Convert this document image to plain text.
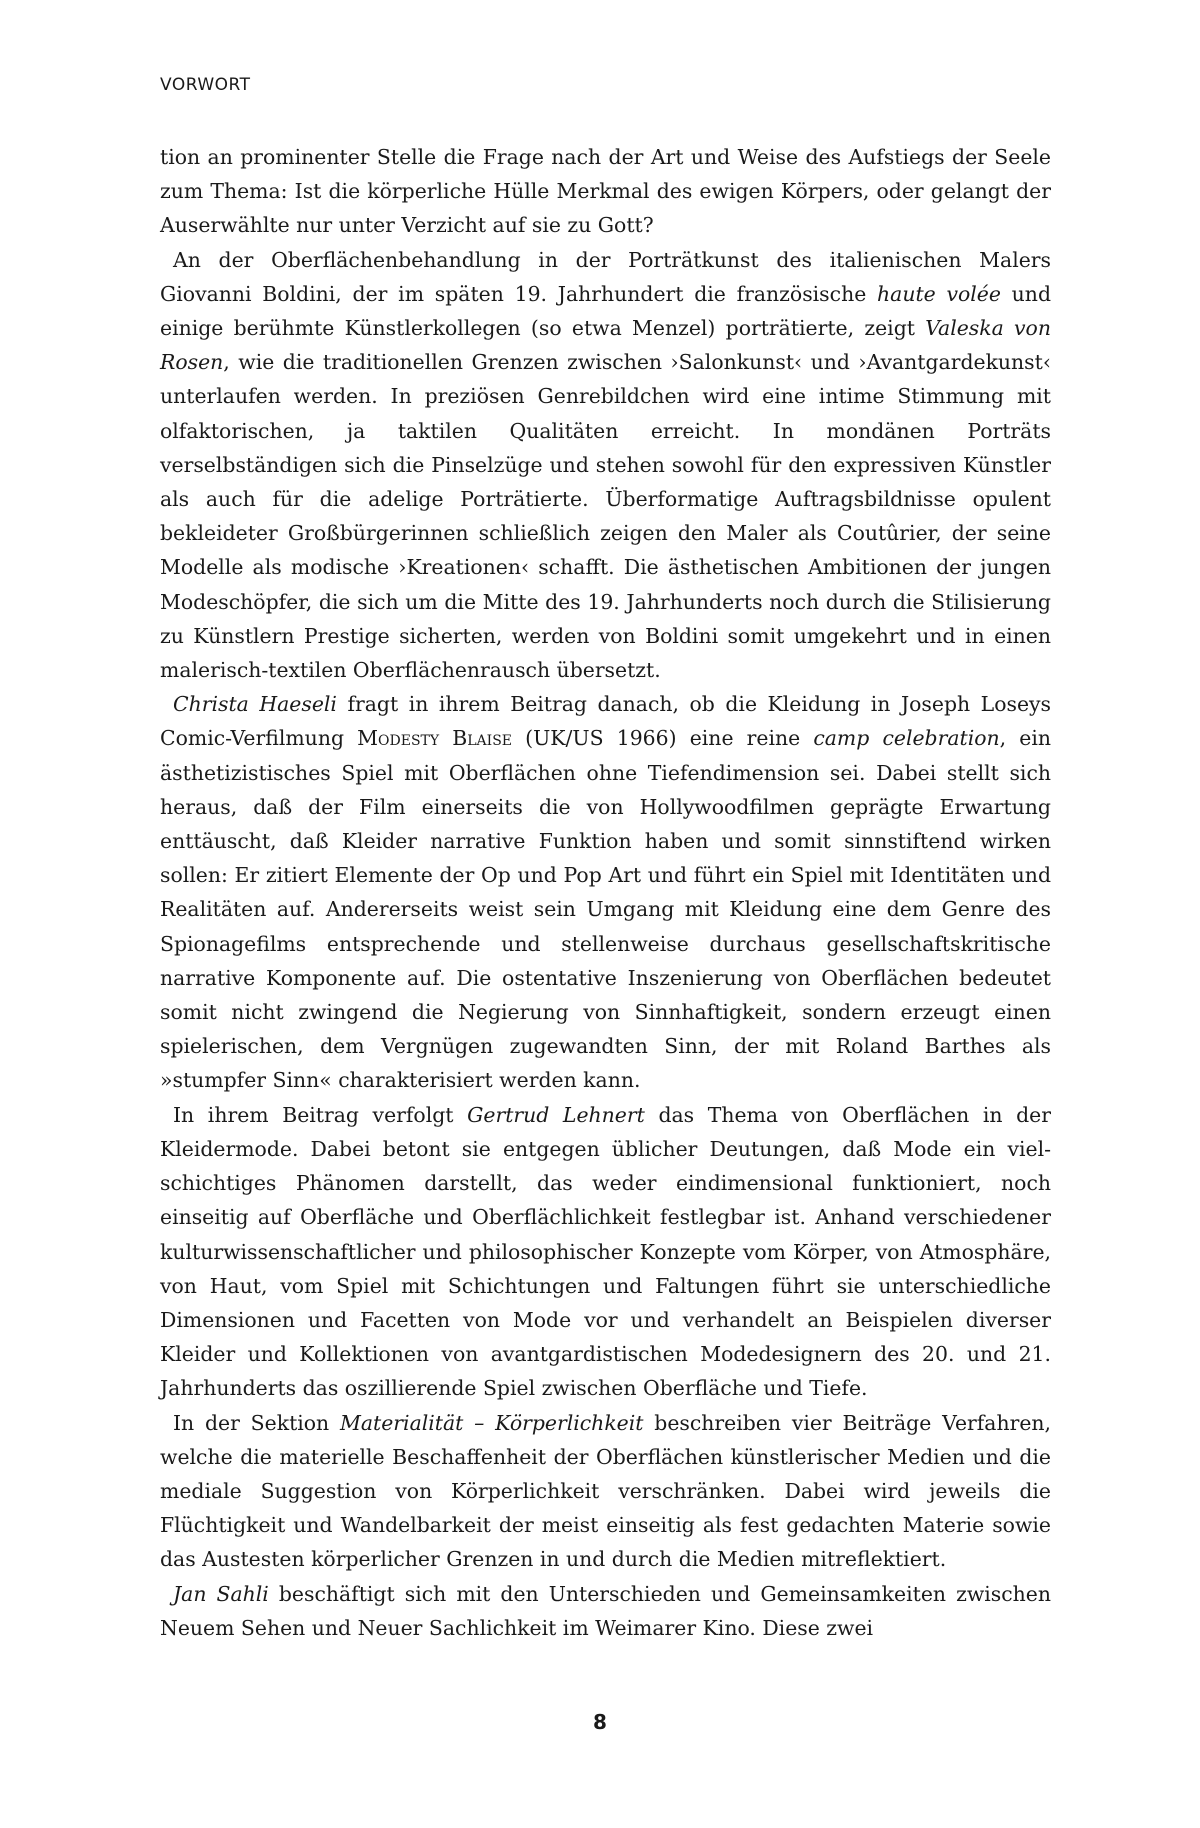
VORWORT

tion an prominenter Stelle die Frage nach der Art und Weise des Aufstiegs der Seele zum Thema: Ist die körperliche Hülle Merkmal des ewigen Körpers, oder gelangt der Auserwählte nur unter Verzicht auf sie zu Gott?

An der Oberflächenbehandlung in der Porträtkunst des italienischen Malers Giovanni Boldini, der im späten 19. Jahrhundert die französische haute volée und einige berühmte Künstlerkollegen (so etwa Menzel) porträtierte, zeigt Valeska von Rosen, wie die traditionellen Grenzen zwischen ›Salonkunst‹ und ›Avantgardekunst‹ unterlaufen werden. In preziösen Genrebildchen wird eine intime Stimmung mit olfaktorischen, ja taktilen Qualitäten erreicht. In mondänen Porträts verselbständigen sich die Pinselzüge und stehen sowohl für den expressiven Künstler als auch für die adelige Porträtierte. Überformatige Auftragsbildnisse opulent bekleideter Großbürgerinnen schließlich zeigen den Maler als Coutûrier, der seine Modelle als modische ›Kreationen‹ schafft. Die ästhetischen Ambitionen der jungen Modeschöpfer, die sich um die Mitte des 19. Jahrhunderts noch durch die Stilisierung zu Künstlern Prestige sicherten, werden von Boldini somit umgekehrt und in einen malerisch-textilen Oberflächenrausch übersetzt.

Christa Haeseli fragt in ihrem Beitrag danach, ob die Kleidung in Joseph Loseys Comic-Verfilmung Modesty Blaise (UK/US 1966) eine reine camp celebration, ein ästhetizistisches Spiel mit Oberflächen ohne Tiefendimension sei. Dabei stellt sich heraus, daß der Film einerseits die von Hollywoodfilmen geprägte Erwartung enttäuscht, daß Kleider narrative Funktion haben und somit sinnstiftend wirken sollen: Er zitiert Elemente der Op und Pop Art und führt ein Spiel mit Identitäten und Realitäten auf. Andererseits weist sein Umgang mit Kleidung eine dem Genre des Spionagefilms entsprechende und stellenweise durchaus gesellschaftskritische narrative Komponente auf. Die ostentative Inszenierung von Oberflächen bedeutet somit nicht zwingend die Negierung von Sinnhaftigkeit, sondern erzeugt einen spielerischen, dem Vergnügen zugewandten Sinn, der mit Roland Barthes als »stumpfer Sinn« charakterisiert werden kann.

In ihrem Beitrag verfolgt Gertrud Lehnert das Thema von Oberflächen in der Kleidermode. Dabei betont sie entgegen üblicher Deutungen, daß Mode ein vielschichtiges Phänomen darstellt, das weder eindimensional funktioniert, noch einseitig auf Oberfläche und Oberflächlichkeit festlegbar ist. Anhand verschiedener kulturwissenschaftlicher und philosophischer Konzepte vom Körper, von Atmosphäre, von Haut, vom Spiel mit Schichtungen und Faltungen führt sie unterschiedliche Dimensionen und Facetten von Mode vor und verhandelt an Beispielen diverser Kleider und Kollektionen von avantgardistischen Modedesignern des 20. und 21. Jahrhunderts das oszillierende Spiel zwischen Oberfläche und Tiefe.

In der Sektion Materialität – Körperlichkeit beschreiben vier Beiträge Verfahren, welche die materielle Beschaffenheit der Oberflächen künstlerischer Medien und die mediale Suggestion von Körperlichkeit verschränken. Dabei wird jeweils die Flüchtigkeit und Wandelbarkeit der meist einseitig als fest gedachten Materie sowie das Austesten körperlicher Grenzen in und durch die Medien mitreflektiert.

Jan Sahli beschäftigt sich mit den Unterschieden und Gemeinsamkeiten zwischen Neuem Sehen und Neuer Sachlichkeit im Weimarer Kino. Diese zwei

8
